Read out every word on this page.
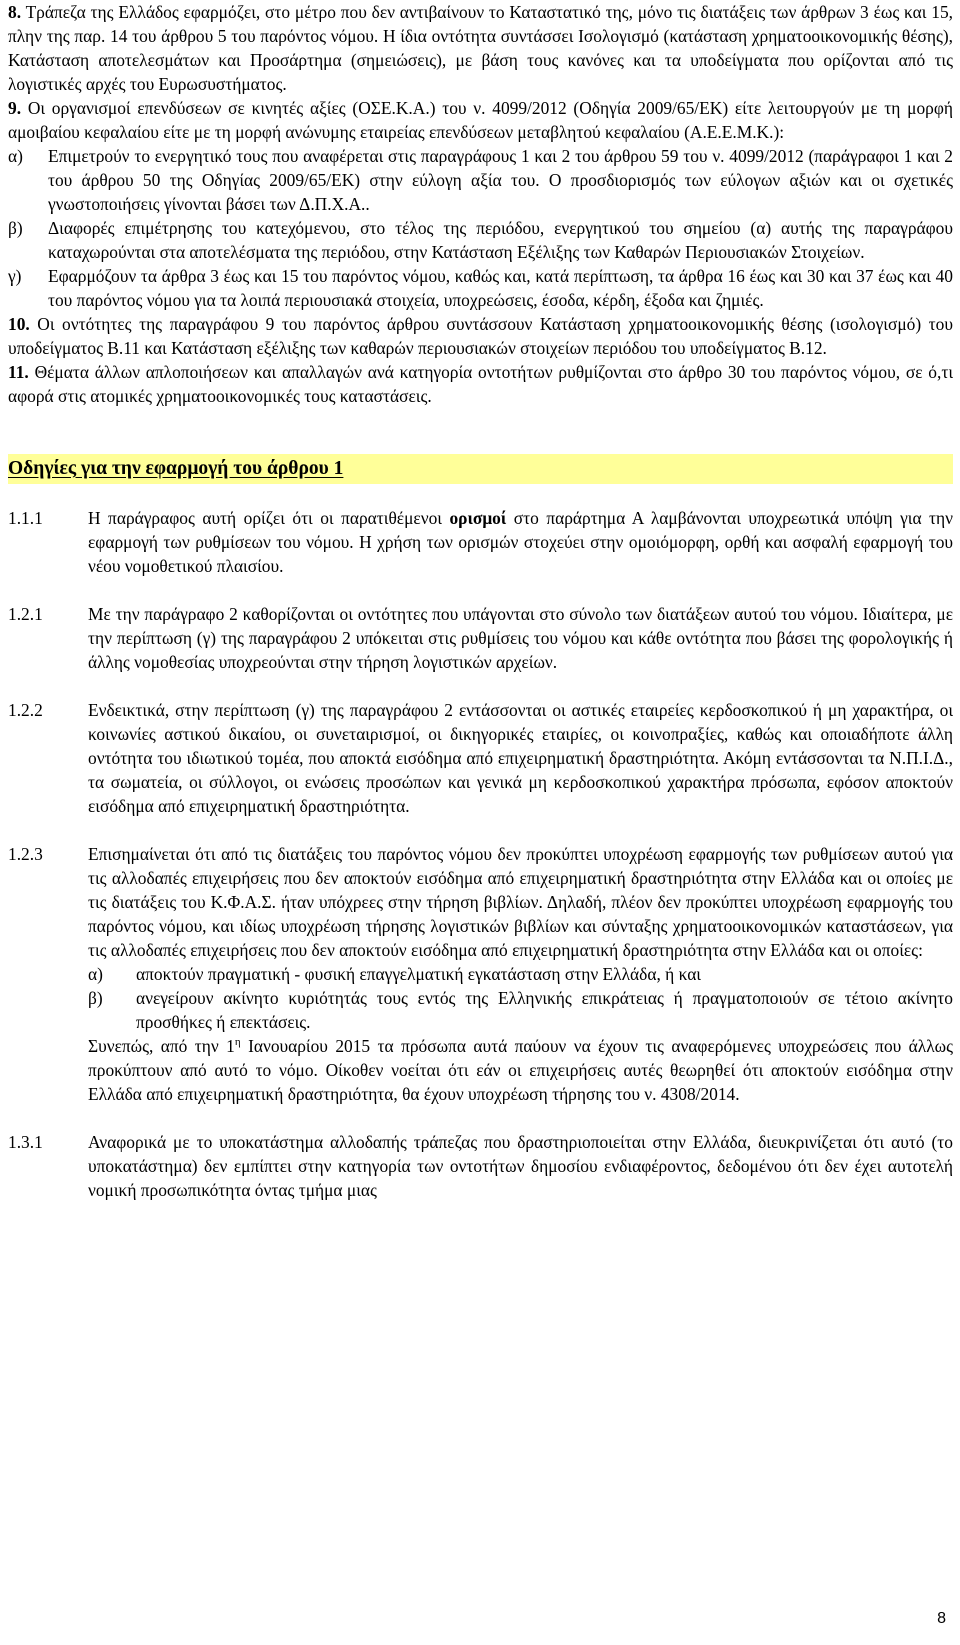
8. Τράπεζα της Ελλάδος εφαρμόζει, στο μέτρο που δεν αντιβαίνουν το Καταστατικό της, μόνο τις διατάξεις των άρθρων 3 έως και 15, πλην της παρ. 14 του άρθρου 5 του παρόντος νόμου. Η ίδια οντότητα συντάσσει Ισολογισμό (κατάσταση χρηματοοικονομικής θέσης), Κατάσταση αποτελεσμάτων και Προσάρτημα (σημειώσεις), με βάση τους κανόνες και τα υποδείγματα που ορίζονται από τις λογιστικές αρχές του Ευρωσυστήματος.

9. Οι οργανισμοί επενδύσεων σε κινητές αξίες (ΟΣΕ.Κ.Α.) του ν. 4099/2012 (Οδηγία 2009/65/ΕΚ) είτε λειτουργούν με τη μορφή αμοιβαίου κεφαλαίου είτε με τη μορφή ανώνυμης εταιρείας επενδύσεων μεταβλητού κεφαλαίου (Α.Ε.Ε.Μ.Κ.):

α)	Επιμετρούν το ενεργητικό τους που αναφέρεται στις παραγράφους 1 και 2 του άρθρου 59 του ν. 4099/2012 (παράγραφοι 1 και 2 του άρθρου 50 της Οδηγίας 2009/65/ΕΚ) στην εύλογη αξία του. Ο προσδιορισμός των εύλογων αξιών και οι σχετικές γνωστοποιήσεις γίνονται βάσει των Δ.Π.Χ.Α..
β)	Διαφορές επιμέτρησης του κατεχόμενου, στο τέλος της περιόδου, ενεργητικού του σημείου (α) αυτής της παραγράφου καταχωρούνται στα αποτελέσματα της περιόδου, στην Κατάσταση Εξέλιξης των Καθαρών Περιουσιακών Στοιχείων.
γ)	Εφαρμόζουν τα άρθρα 3 έως και 15 του παρόντος νόμου, καθώς και, κατά περίπτωση, τα άρθρα 16 έως και 30 και 37 έως και 40 του παρόντος νόμου για τα λοιπά περιουσιακά στοιχεία, υποχρεώσεις, έσοδα, κέρδη, έξοδα και ζημιές.

10. Οι οντότητες της παραγράφου 9 του παρόντος άρθρου συντάσσουν Κατάσταση χρηματοοικονομικής θέσης (ισολογισμό) του υποδείγματος Β.11 και Κατάσταση εξέλιξης των καθαρών περιουσιακών στοιχείων περιόδου του υποδείγματος Β.12.

11. Θέματα άλλων απλοποιήσεων και απαλλαγών ανά κατηγορία οντοτήτων ρυθμίζονται στο άρθρο 30 του παρόντος νόμου, σε ό,τι αφορά στις ατομικές χρηματοοικονομικές τους καταστάσεις.

Οδηγίες για την εφαρμογή του άρθρου 1
1.1.1	Η παράγραφος αυτή ορίζει ότι οι παρατιθέμενοι ορισμοί στο παράρτημα Α λαμβάνονται υποχρεωτικά υπόψη για την εφαρμογή των ρυθμίσεων του νόμου. Η χρήση των ορισμών στοχεύει στην ομοιόμορφη, ορθή και ασφαλή εφαρμογή του νέου νομοθετικού πλαισίου.
1.2.1	Με την παράγραφο 2 καθορίζονται οι οντότητες που υπάγονται στο σύνολο των διατάξεων αυτού του νόμου. Ιδιαίτερα, με την περίπτωση (γ) της παραγράφου 2 υπόκειται στις ρυθμίσεις του νόμου και κάθε οντότητα που βάσει της φορολογικής ή άλλης νομοθεσίας υποχρεούνται στην τήρηση λογιστικών αρχείων.
1.2.2	Ενδεικτικά, στην περίπτωση (γ) της παραγράφου 2 εντάσσονται οι αστικές εταιρείες κερδοσκοπικού ή μη χαρακτήρα, οι κοινωνίες αστικού δικαίου, οι συνεταιρισμοί, οι δικηγορικές εταιρίες, οι κοινοπραξίες, καθώς και οποιαδήποτε άλλη οντότητα του ιδιωτικού τομέα, που αποκτά εισόδημα από επιχειρηματική δραστηριότητα. Ακόμη εντάσσονται τα Ν.Π.Ι.Δ., τα σωματεία, οι σύλλογοι, οι ενώσεις προσώπων και γενικά μη κερδοσκοπικού χαρακτήρα πρόσωπα, εφόσον αποκτούν εισόδημα από επιχειρηματική δραστηριότητα.
1.2.3	Επισημαίνεται ότι από τις διατάξεις του παρόντος νόμου δεν προκύπτει υποχρέωση εφαρμογής των ρυθμίσεων αυτού για τις αλλοδαπές επιχειρήσεις που δεν αποκτούν εισόδημα από επιχειρηματική δραστηριότητα στην Ελλάδα και οι οποίες με τις διατάξεις του Κ.Φ.Α.Σ. ήταν υπόχρεες στην τήρηση βιβλίων. Δηλαδή, πλέον δεν προκύπτει υποχρέωση εφαρμογής του παρόντος νόμου, και ιδίως υποχρέωση τήρησης λογιστικών βιβλίων και σύνταξης χρηματοοικονομικών καταστάσεων, για τις αλλοδαπές επιχειρήσεις που δεν αποκτούν εισόδημα από επιχειρηματική δραστηριότητα στην Ελλάδα και οι οποίες:

α)	αποκτούν πραγματική - φυσική επαγγελματική εγκατάσταση στην Ελλάδα, ή και
β)	ανεγείρουν ακίνητο κυριότητάς τους εντός της Ελληνικής επικράτειας ή πραγματοποιούν σε τέτοιο ακίνητο προσθήκες ή επεκτάσεις.

Συνεπώς, από την $1^\eta$ Ιανουαρίου 2015 τα πρόσωπα αυτά παύουν να έχουν τις αναφερόμενες υποχρεώσεις που άλλως προκύπτουν από αυτό το νόμο. Οίκοθεν νοείται ότι εάν οι επιχειρήσεις αυτές θεωρηθεί ότι αποκτούν εισόδημα στην Ελλάδα από επιχειρηματική δραστηριότητα, θα έχουν υποχρέωση τήρησης του ν. 4308/2014.

1.3.1	Αναφορικά με το υποκατάστημα αλλοδαπής τράπεζας που δραστηριοποιείται στην Ελλάδα, διευκρινίζεται ότι αυτό (το υποκατάστημα) δεν εμπίπτει στην κατηγορία των οντοτήτων δημοσίου ενδιαφέροντος, δεδομένου ότι δεν έχει αυτοτελή νομική προσωπικότητα όντας τμήμα μιας
8
